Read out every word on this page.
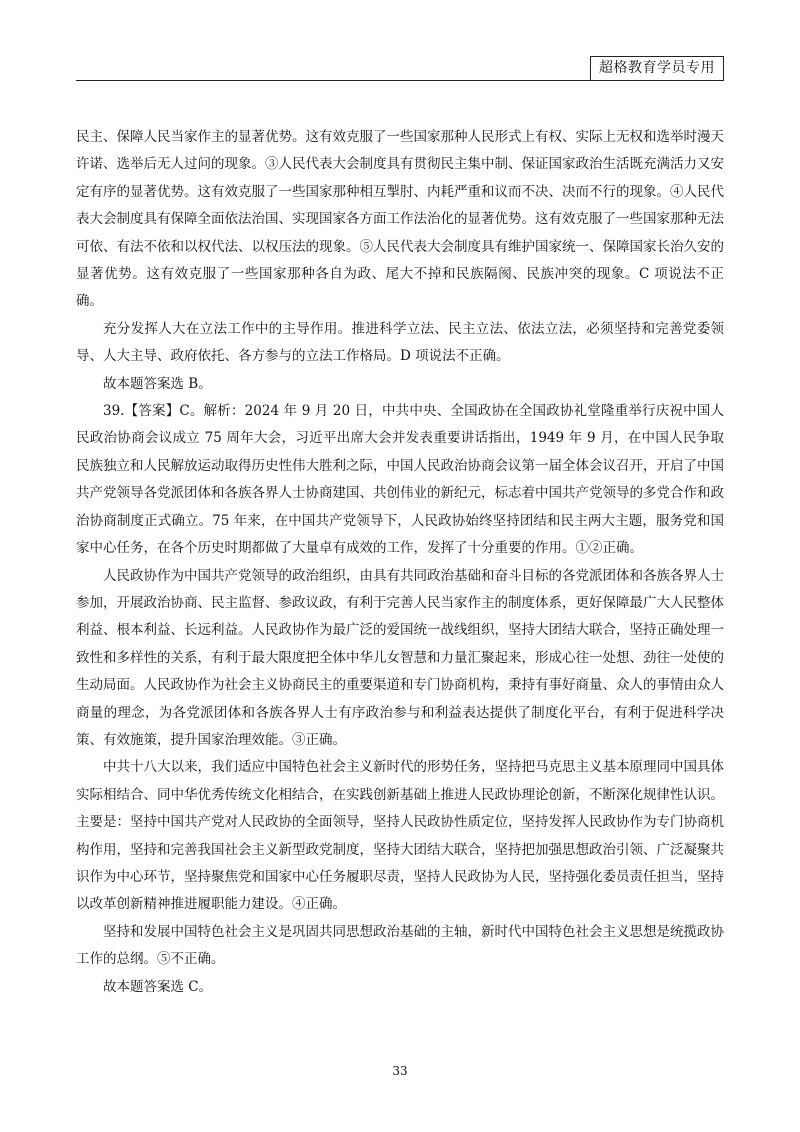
超格教育学员专用

民主、保障人民当家作主的显著优势。这有效克服了一些国家那种人民形式上有权、实际上无权和选举时漫天许诺、选举后无人过问的现象。③人民代表大会制度具有贯彻民主集中制、保证国家政治生活既充满活力又安定有序的显著优势。这有效克服了一些国家那种相互掣肘、内耗严重和议而不决、决而不行的现象。④人民代表大会制度具有保障全面依法治国、实现国家各方面工作法治化的显著优势。这有效克服了一些国家那种无法可依、有法不依和以权代法、以权压法的现象。⑤人民代表大会制度具有维护国家统一、保障国家长治久安的显著优势。这有效克服了一些国家那种各自为政、尾大不掉和民族隔阂、民族冲突的现象。C 项说法不正确。

充分发挥人大在立法工作中的主导作用。推进科学立法、民主立法、依法立法，必须坚持和完善党委领导、人大主导、政府依托、各方参与的立法工作格局。D 项说法不正确。

故本题答案选 B。

39.【答案】C。解析：2024 年 9 月 20 日，中共中央、全国政协在全国政协礼堂隆重举行庆祝中国人民政治协商会议成立 75 周年大会，习近平出席大会并发表重要讲话指出，1949 年 9 月，在中国人民争取民族独立和人民解放运动取得历史性伟大胜利之际，中国人民政治协商会议第一届全体会议召开，开启了中国共产党领导各党派团体和各族各界人士协商建国、共创伟业的新纪元，标志着中国共产党领导的多党合作和政治协商制度正式确立。75 年来，在中国共产党领导下，人民政协始终坚持团结和民主两大主题，服务党和国家中心任务，在各个历史时期都做了大量卓有成效的工作，发挥了十分重要的作用。①②正确。

人民政协作为中国共产党领导的政治组织，由具有共同政治基础和奋斗目标的各党派团体和各族各界人士参加，开展政治协商、民主监督、参政议政，有利于完善人民当家作主的制度体系，更好保障最广大人民整体利益、根本利益、长远利益。人民政协作为最广泛的爱国统一战线组织，坚持大团结大联合，坚持正确处理一致性和多样性的关系，有利于最大限度把全体中华儿女智慧和力量汇聚起来，形成心往一处想、劲往一处使的生动局面。人民政协作为社会主义协商民主的重要渠道和专门协商机构，秉持有事好商量、众人的事情由众人商量的理念，为各党派团体和各族各界人士有序政治参与和利益表达提供了制度化平台，有利于促进科学决策、有效施策，提升国家治理效能。③正确。

中共十八大以来，我们适应中国特色社会主义新时代的形势任务，坚持把马克思主义基本原理同中国具体实际相结合、同中华优秀传统文化相结合，在实践创新基础上推进人民政协理论创新，不断深化规律性认识。主要是：坚持中国共产党对人民政协的全面领导，坚持人民政协性质定位，坚持发挥人民政协作为专门协商机构作用，坚持和完善我国社会主义新型政党制度，坚持大团结大联合，坚持把加强思想政治引领、广泛凝聚共识作为中心环节，坚持聚焦党和国家中心任务履职尽责，坚持人民政协为人民，坚持强化委员责任担当，坚持以改革创新精神推进履职能力建设。④正确。

坚持和发展中国特色社会主义是巩固共同思想政治基础的主轴，新时代中国特色社会主义思想是统揽政协工作的总纲。⑤不正确。

故本题答案选 C。

33
